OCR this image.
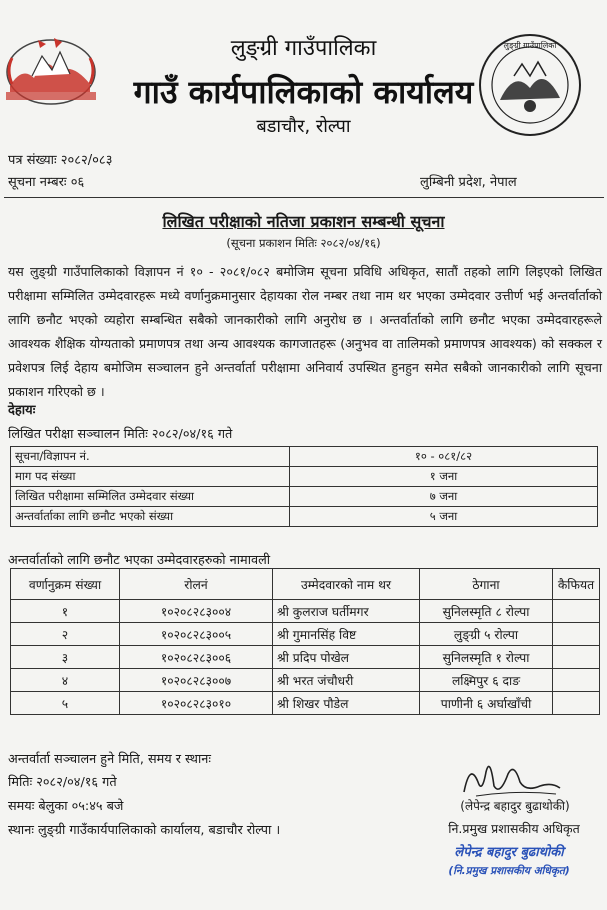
लुङ्ग्री गाउँपालिका
लुङ्ग्री गाउँपालिका
गाउँ कार्यपालिकाको कार्यालय
बडाचौर, रोल्पा
पत्र संख्याः २०८२/०८३
सूचना नम्बरः ०६	लुम्बिनी प्रदेश, नेपाल
लिखित परीक्षाको नतिजा प्रकाशन सम्बन्धी सूचना
(सूचना प्रकाशन मितिः २०८२/०४/१६)
यस लुङ्ग्री गाउँपालिकाको विज्ञापन नं १० - २०८१/०८२ बमोजिम सूचना प्रविधि अधिकृत, सातौं तहको लागि लिइएको लिखित परीक्षामा सम्मिलित उम्मेदवारहरू मध्ये वर्णानुक्रमानुसार देहायका रोल नम्बर तथा नाम थर भएका उम्मेदवार उत्तीर्ण भई अन्तर्वार्ताको लागि छनौट भएको व्यहोरा सम्बन्धित सबैको जानकारीको लागि अनुरोध छ । अन्तर्वार्ताको लागि छनौट भएका उम्मेदवारहरूले आवश्यक शैक्षिक योग्यताको प्रमाणपत्र तथा अन्य आवश्यक कागजातहरू (अनुभव वा तालिमको प्रमाणपत्र आवश्यक) को सक्कल र प्रवेशपत्र लिई देहाय बमोजिम सञ्चालन हुने अन्तर्वार्ता परीक्षामा अनिवार्य उपस्थित हुनहुन समेत सबैको जानकारीको लागि सूचना प्रकाशन गरिएको छ ।
देहायः
लिखित परीक्षा सञ्चालन मितिः २०८२/०४/१६ गते
सूचना/विज्ञापन नं.	१० - ०८१/८२
माग पद संख्या	१ जना
लिखित परीक्षामा सम्मिलित उम्मेदवार संख्या	७ जना
अन्तर्वार्ताका लागि छनौट भएको संख्या	५ जना
अन्तर्वार्ताको लागि छनौट भएका उम्मेदवारहरुको नामावली
वर्णानुक्रम संख्या	रोलनं	उम्मेदवारको नाम थर	ठेगाना	कैफियत
१	१०२०८२८३००४	श्री कुलराज घर्तीमगर	सुनिलस्मृति ८ रोल्पा	
२	१०२०८२८३००५	श्री गुमानसिंह विष्ट	लुङ्ग्री ५ रोल्पा	
३	१०२०८२८३००६	श्री प्रदिप पोखेल	सुनिलस्मृति १ रोल्पा	
४	१०२०८२८३००७	श्री भरत जंचौधरी	लक्ष्मिपुर ६ दाङ	
५	१०२०८२८३०१०	श्री शिखर पौडेल	पाणीनी ६ अर्घाखाँची	
अन्तर्वार्ता सञ्चालन हुने मिति, समय र स्थानः
मितिः २०८२/०४/१६ गते
समयः बेलुका ०५:४५ बजे
स्थानः लुङ्ग्री गाउँकार्यपालिकाको कार्यालय, बडाचौर रोल्पा ।
(लेपेन्द्र बहादुर बुढाथोकी)
नि.प्रमुख प्रशासकीय अधिकृत
लेपेन्द्र बहादुर बुढाथोकी
(नि.प्रमुख प्रशासकीय अधिकृत)
